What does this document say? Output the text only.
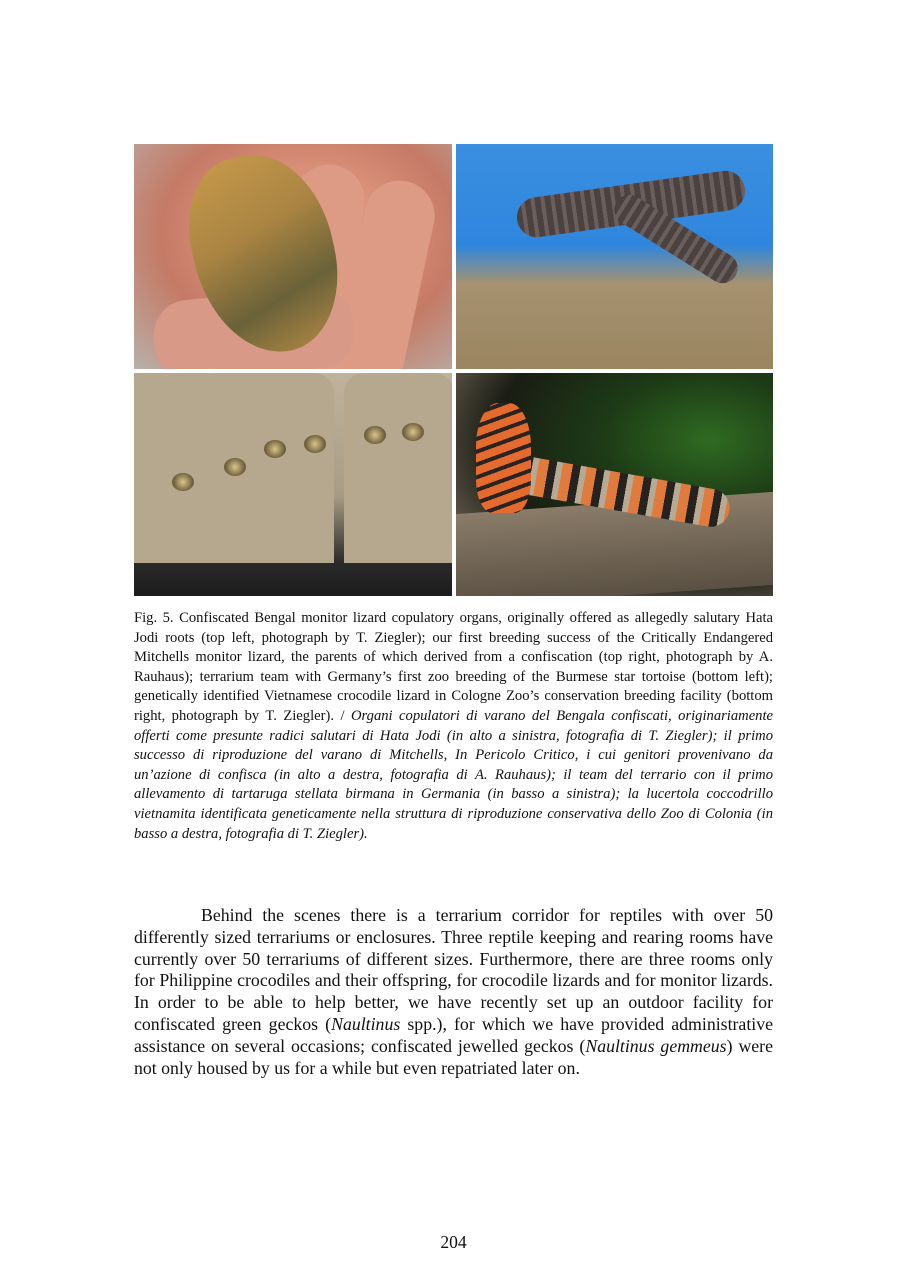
Fig. 5. Confiscated Bengal monitor lizard copulatory organs, originally offered as allegedly salutary Hata Jodi roots (top left, photograph by T. Ziegler); our first breeding success of the Critically Endangered Mitchells monitor lizard, the parents of which derived from a confiscation (top right, photograph by A. Rauhaus); terrarium team with Germany’s first zoo breeding of the Burmese star tortoise (bottom left); genetically identified Vietnamese crocodile lizard in Cologne Zoo’s conservation breeding facility (bottom right, photograph by T. Ziegler). / Organi copulatori di varano del Bengala confiscati, originariamente offerti come presunte radici salutari di Hata Jodi (in alto a sinistra, fotografia di T. Ziegler); il primo successo di riproduzione del varano di Mitchells, In Pericolo Critico, i cui genitori provenivano da un’azione di confisca (in alto a destra, fotografia di A. Rauhaus); il team del terrario con il primo allevamento di tartaruga stellata birmana in Germania (in basso a sinistra); la lucertola coccodrillo vietnamita identificata geneticamente nella struttura di riproduzione conservativa dello Zoo di Colonia (in basso a destra, fotografia di T. Ziegler).

Behind the scenes there is a terrarium corridor for reptiles with over 50 differently sized terrariums or enclosures. Three reptile keeping and rearing rooms have currently over 50 terrariums of different sizes. Furthermore, there are three rooms only for Philippine crocodiles and their offspring, for crocodile lizards and for monitor lizards. In order to be able to help better, we have recently set up an outdoor facility for confiscated green geckos (Naultinus spp.), for which we have provided administrative assistance on several occasions; confiscated jewelled geckos (Naultinus gemmeus) were not only housed by us for a while but even repatriated later on.

204
